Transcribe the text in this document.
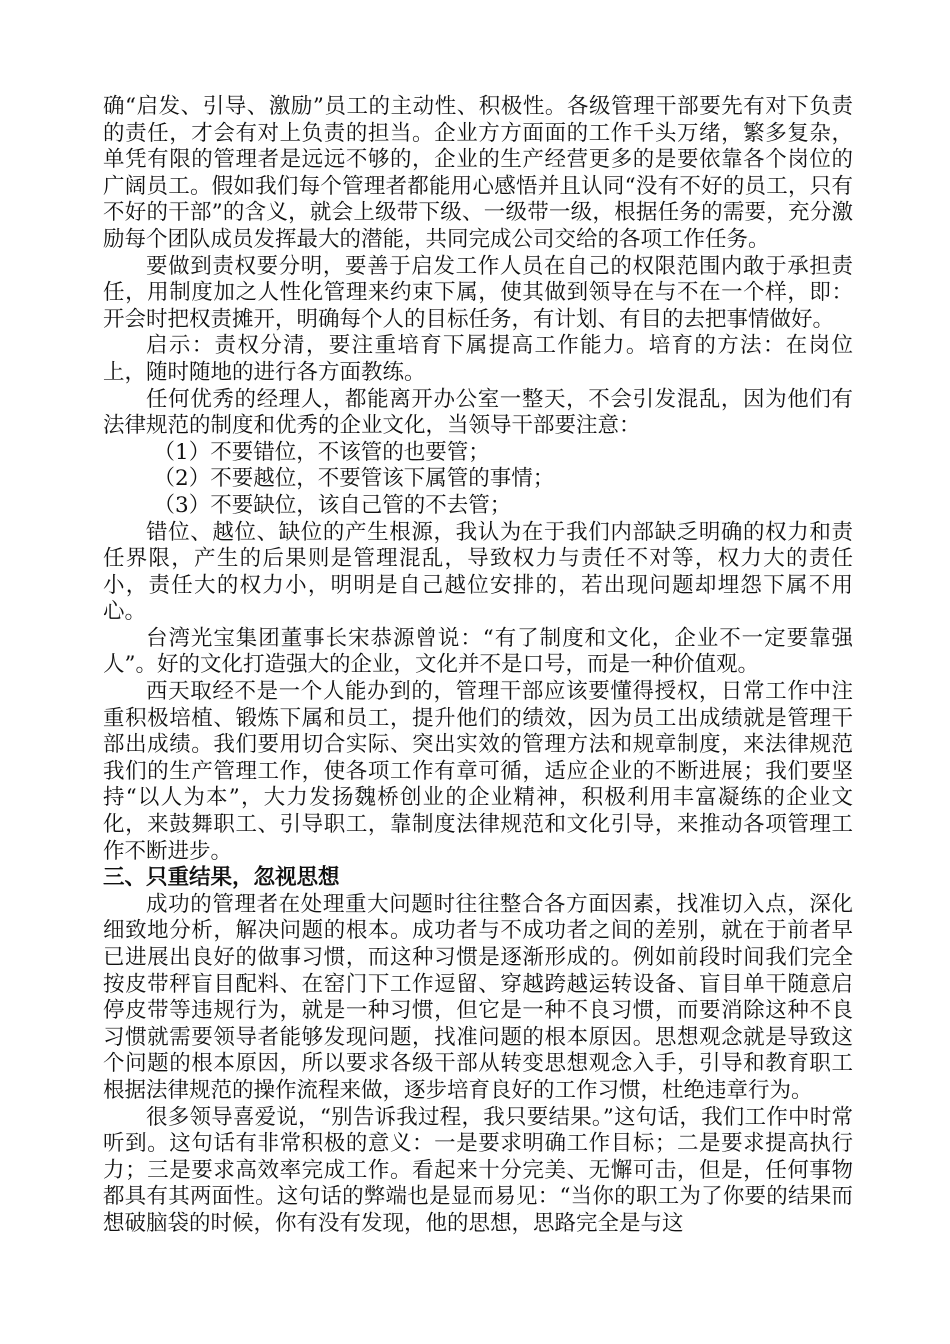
确“启发、引导、激励”员工的主动性、积极性。各级管理干部要先有对下负责的责任，才会有对上负责的担当。企业方方面面的工作千头万绪，繁多复杂，单凭有限的管理者是远远不够的，企业的生产经营更多的是要依靠各个岗位的广阔员工。假如我们每个管理者都能用心感悟并且认同“没有不好的员工，只有不好的干部”的含义，就会上级带下级、一级带一级，根据任务的需要，充分激励每个团队成员发挥最大的潜能，共同完成公司交给的各项工作任务。

要做到责权要分明，要善于启发工作人员在自己的权限范围内敢于承担责任，用制度加之人性化管理来约束下属，使其做到领导在与不在一个样，即：开会时把权责摊开，明确每个人的目标任务，有计划、有目的去把事情做好。

启示：责权分清，要注重培育下属提高工作能力。培育的方法：在岗位上，随时随地的进行各方面教练。

任何优秀的经理人，都能离开办公室一整天，不会引发混乱，因为他们有法律规范的制度和优秀的企业文化，当领导干部要注意：

（1）不要错位，不该管的也要管；

（2）不要越位，不要管该下属管的事情；

（3）不要缺位，该自己管的不去管；

错位、越位、缺位的产生根源，我认为在于我们内部缺乏明确的权力和责任界限，产生的后果则是管理混乱，导致权力与责任不对等，权力大的责任小，责任大的权力小，明明是自己越位安排的，若出现问题却埋怨下属不用心。

台湾光宝集团董事长宋恭源曾说：“有了制度和文化，企业不一定要靠强人”。好的文化打造强大的企业，文化并不是口号，而是一种价值观。

西天取经不是一个人能办到的，管理干部应该要懂得授权，日常工作中注重积极培植、锻炼下属和员工，提升他们的绩效，因为员工出成绩就是管理干部出成绩。我们要用切合实际、突出实效的管理方法和规章制度，来法律规范我们的生产管理工作，使各项工作有章可循，适应企业的不断进展；我们要坚持“以人为本”，大力发扬魏桥创业的企业精神，积极利用丰富凝练的企业文化，来鼓舞职工、引导职工，靠制度法律规范和文化引导，来推动各项管理工作不断进步。

三、只重结果，忽视思想

成功的管理者在处理重大问题时往往整合各方面因素，找准切入点，深化细致地分析，解决问题的根本。成功者与不成功者之间的差别，就在于前者早已进展出良好的做事习惯，而这种习惯是逐渐形成的。例如前段时间我们完全按皮带秤盲目配料、在窑门下工作逗留、穿越跨越运转设备、盲目单干随意启停皮带等违规行为，就是一种习惯，但它是一种不良习惯，而要消除这种不良习惯就需要领导者能够发现问题，找准问题的根本原因。思想观念就是导致这个问题的根本原因，所以要求各级干部从转变思想观念入手，引导和教育职工根据法律规范的操作流程来做，逐步培育良好的工作习惯，杜绝违章行为。

很多领导喜爱说，“别告诉我过程，我只要结果。”这句话，我们工作中时常听到。这句话有非常积极的意义：一是要求明确工作目标；二是要求提高执行力；三是要求高效率完成工作。看起来十分完美、无懈可击，但是，任何事物都具有其两面性。这句话的弊端也是显而易见：“当你的职工为了你要的结果而想破脑袋的时候，你有没有发现，他的思想，思路完全是与这
